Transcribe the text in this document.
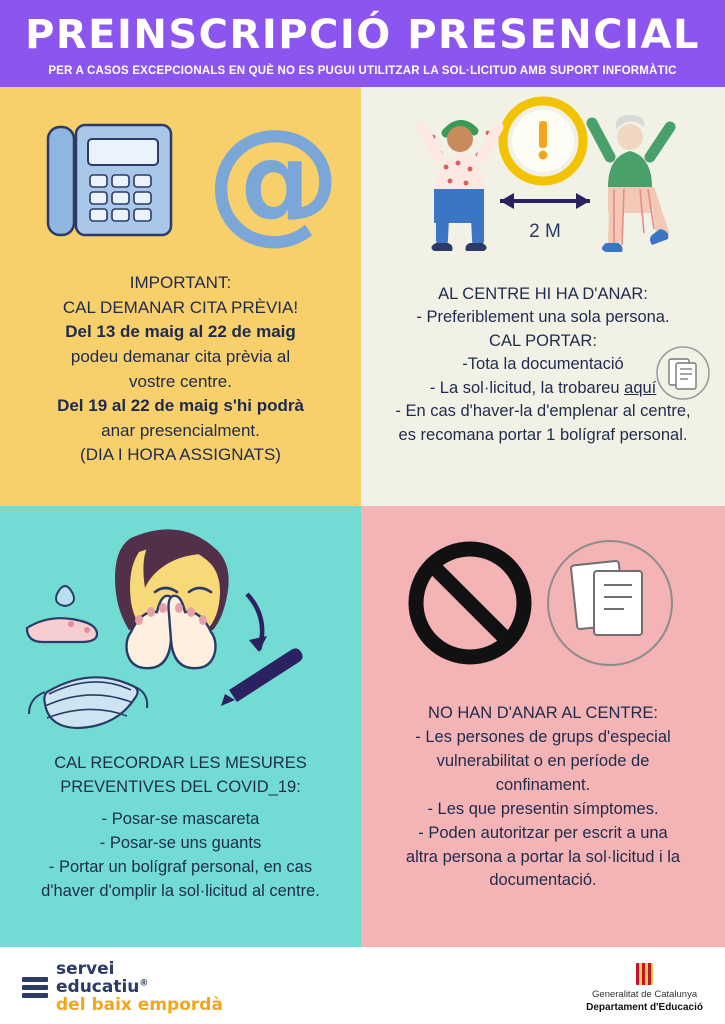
PREINSCRIPCIÓ PRESENCIAL
PER A CASOS EXCEPCIONALS EN QUÈ NO ES PUGUI UTILITZAR LA SOL·LICITUD AMB SUPORT INFORMÀTIC
@

IMPORTANT:

CAL DEMANAR CITA PRÈVIA!

Del 13 de maig al 22 de maig

podeu demanar cita prèvia al

vostre centre.

Del 19 al 22 de maig s'hi podrà

anar presencialment.

(DIA I HORA ASSIGNATS)

2 M

AL CENTRE HI HA D'ANAR:

- Preferiblement una sola persona.

CAL PORTAR:

-Tota la documentació

- La sol·licitud, la trobareu aquí

- En cas d'haver-la d'emplenar al centre,

es recomana portar 1 bolígraf personal.

CAL RECORDAR LES MESURES

PREVENTIVES DEL COVID_19:

- Posar-se mascareta

- Posar-se uns guants

- Portar un bolígraf personal, en cas

d'haver d'omplir la sol·licitud al centre.

NO HAN D'ANAR AL CENTRE:

- Les persones de grups d'especial

vulnerabilitat o en període de

confinament.

- Les que presentin símptomes.

- Poden autoritzar per escrit a una

altra persona a portar la sol·licitud i la

documentació.

servei
educatiu®
del baix empordà
Generalitat de Catalunya
Departament d'Educació
